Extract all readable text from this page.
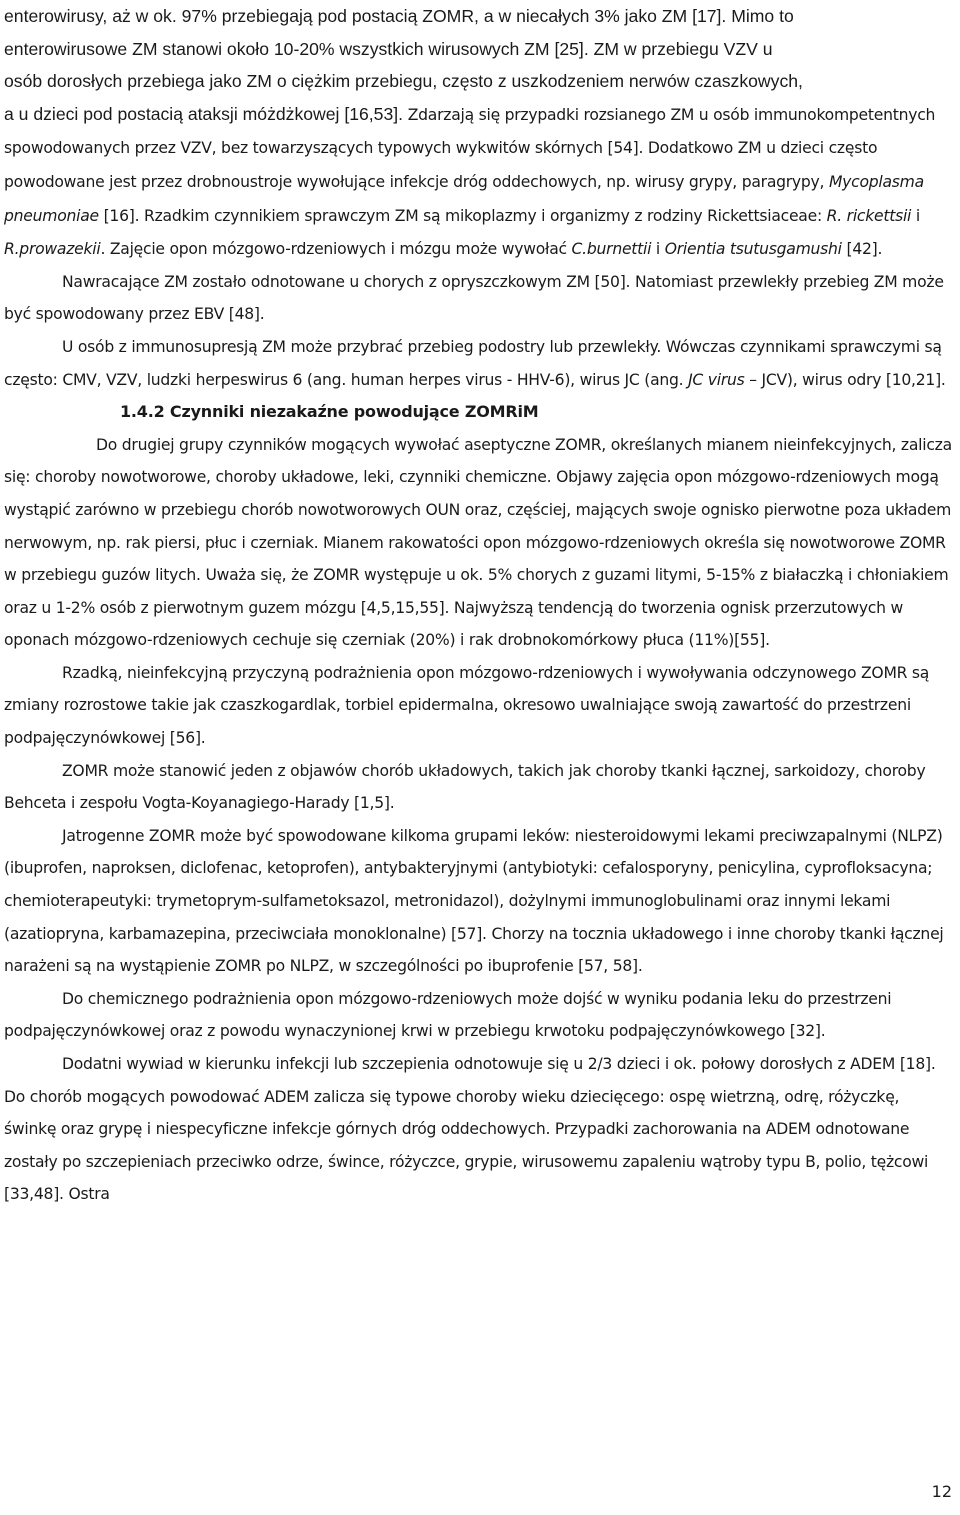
enterowirusy, aż w ok. 97% przebiegają pod postacią ZOMR, a w niecałych 3% jako ZM [17]. Mimo to
enterowirusowe ZM stanowi około 10-20% wszystkich wirusowych ZM [25]. ZM w przebiegu VZV u
osób dorosłych przebiega jako ZM o ciężkim przebiegu, często z uszkodzeniem nerwów czaszkowych,
a u dzieci pod postacią ataksji móżdżkowej [16,53]. Zdarzają się przypadki rozsianego ZM u osób immunokompetentnych spowodowanych przez VZV, bez towarzyszących typowych wykwitów skórnych [54]. Dodatkowo ZM u dzieci często powodowane jest przez drobnoustroje wywołujące infekcje dróg oddechowych, np. wirusy grypy, paragrypy, Mycoplasma pneumoniae [16]. Rzadkim czynnikiem sprawczym ZM są mikoplazmy i organizmy z rodziny Rickettsiaceae: R. rickettsii i R.prowazekii. Zajęcie opon mózgowo-rdzeniowych i mózgu może wywołać C.burnettii i Orientia tsutusgamushi [42].

Nawracające ZM zostało odnotowane u chorych z opryszczkowym ZM [50]. Natomiast przewlekły przebieg ZM może być spowodowany przez EBV [48].

U osób z immunosupresją ZM może przybrać przebieg podostry lub przewlekły. Wówczas czynnikami sprawczymi są często: CMV, VZV, ludzki herpeswirus 6 (ang. human herpes virus - HHV-6), wirus JC (ang. JC virus – JCV), wirus odry [10,21].

1.4.2 Czynniki niezakaźne powodujące ZOMRiM

Do drugiej grupy czynników mogących wywołać aseptyczne ZOMR, określanych mianem nieinfekcyjnych, zalicza się: choroby nowotworowe, choroby układowe, leki, czynniki chemiczne. Objawy zajęcia opon mózgowo-rdzeniowych mogą wystąpić zarówno w przebiegu chorób nowotworowych OUN oraz, częściej, mających swoje ognisko pierwotne poza układem nerwowym, np. rak piersi, płuc i czerniak. Mianem rakowatości opon mózgowo-rdzeniowych określa się nowotworowe ZOMR w przebiegu guzów litych. Uważa się, że ZOMR występuje u ok. 5% chorych z guzami litymi, 5-15% z białaczką i chłoniakiem oraz u 1-2% osób z pierwotnym guzem mózgu [4,5,15,55]. Najwyższą tendencją do tworzenia ognisk przerzutowych w oponach mózgowo-rdzeniowych cechuje się czerniak (20%) i rak drobnokomórkowy płuca (11%)[55].

Rzadką, nieinfekcyjną przyczyną podrażnienia opon mózgowo-rdzeniowych i wywoływania odczynowego ZOMR są zmiany rozrostowe takie jak czaszkogardlak, torbiel epidermalna, okresowo uwalniające swoją zawartość do przestrzeni podpajęczynówkowej [56].

ZOMR może stanowić jeden z objawów chorób układowych, takich jak choroby tkanki łącznej, sarkoidozy, choroby Behceta i zespołu Vogta-Koyanagiego-Harady [1,5].

Jatrogenne ZOMR może być spowodowane kilkoma grupami leków: niesteroidowymi lekami preciwzapalnymi (NLPZ) (ibuprofen, naproksen, diclofenac, ketoprofen), antybakteryjnymi (antybiotyki: cefalosporyny, penicylina, cyprofloksacyna; chemioterapeutyki: trymetoprym-sulfametoksazol, metronidazol), dożylnymi immunoglobulinami oraz innymi lekami (azatiopryna, karbamazepina, przeciwciała monoklonalne) [57]. Chorzy na toczniа układowego i inne choroby tkanki łącznej narażeni są na wystąpienie ZOMR po NLPZ, w szczególności po ibuprofenie [57, 58].

Do chemicznego podrażnienia opon mózgowo-rdzeniowych może dojść w wyniku podania leku do przestrzeni podpajęczynówkowej oraz z powodu wynaczynionej krwi w przebiegu krwotoku podpajęczynówkowego [32].

Dodatni wywiad w kierunku infekcji lub szczepienia odnotowuje się u 2/3 dzieci i ok. połowy dorosłych z ADEM [18]. Do chorób mogących powodować ADEM zalicza się typowe choroby wieku dziecięcego: ospę wietrzną, odrę, różyczkę, świnkę oraz grypę i niespecyficzne infekcje górnych dróg oddechowych. Przypadki zachorowania na ADEM odnotowane zostały po szczepieniach przeciwko odrze, śwince, różyczce, grypie, wirusowemu zapaleniu wątroby typu B, polio, tężcowi [33,48]. Ostra

12
